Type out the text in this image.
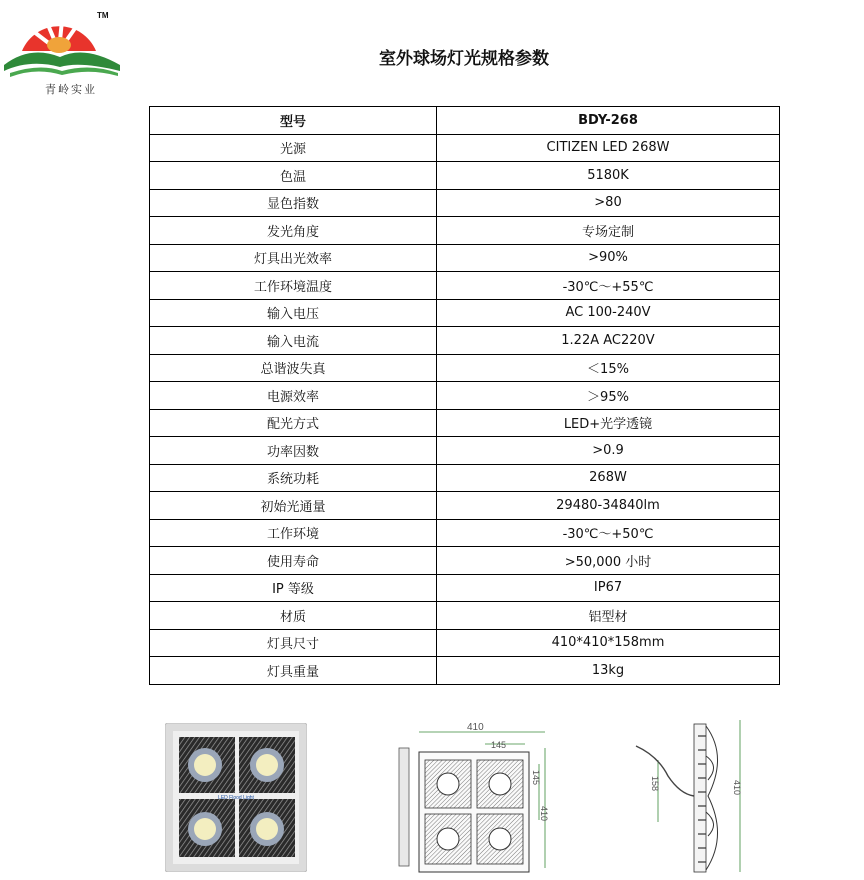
TM
青岭实业
室外球场灯光规格参数
型号	BDY-268
光源	CITIZEN LED 268W
色温	5180K
显色指数	>80
发光角度	专场定制
灯具出光效率	>90%
工作环境温度	-30℃～+55℃
输入电压	AC 100-240V
输入电流	1.22A AC220V
总谐波失真	＜15%
电源效率	＞95%
配光方式	LED+光学透镜
功率因数	>0.9
系统功耗	268W
初始光通量	29480-34840lm
工作环境	-30℃～+50℃
使用寿命	>50,000 小时
IP 等级	IP67
材质	铝型材
灯具尺寸	410*410*158mm
灯具重量	13kg
LED Flood Light
410
145
145
410
158	410
